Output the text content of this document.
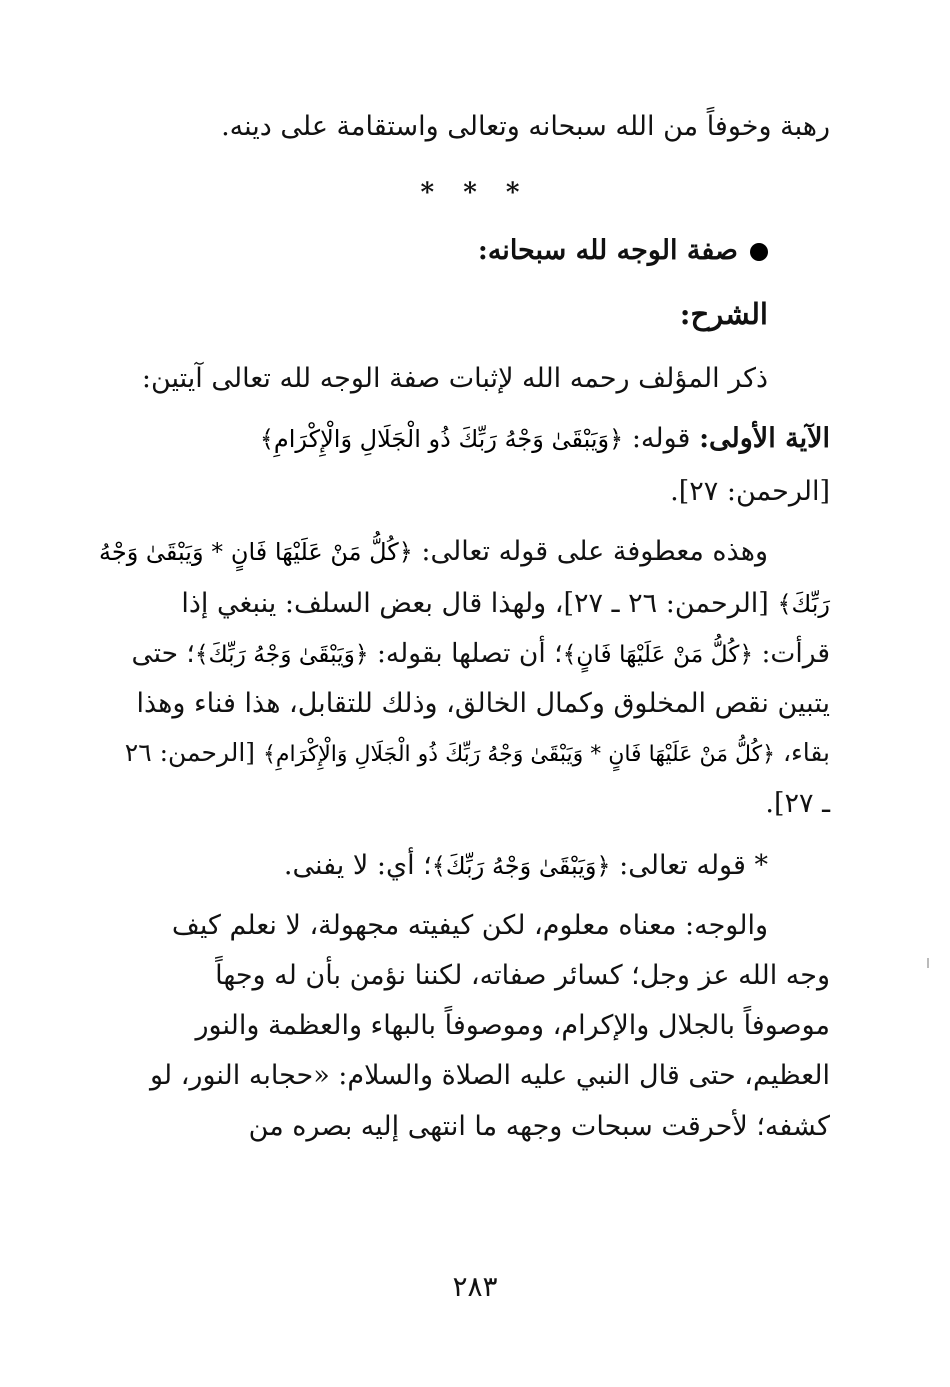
رهبة وخوفاً من الله سبحانه وتعالى واستقامة على دينه.
* * *
صفة الوجه لله سبحانه:
الشرح:
ذكر المؤلف رحمه الله لإثبات صفة الوجه لله تعالى آيتين:
الآية الأولى: قوله: ﴿وَيَبْقَىٰ وَجْهُ رَبِّكَ ذُو الْجَلَالِ وَالْإِكْرَامِ﴾
[الرحمن: ٢٧].
وهذه معطوفة على قوله تعالى: ﴿كُلُّ مَنْ عَلَيْهَا فَانٍ * وَيَبْقَىٰ وَجْهُ
رَبِّكَ﴾ [الرحمن: ٢٦ ـ ٢٧]، ولهذا قال بعض السلف: ينبغي إذا
قرأت: ﴿كُلُّ مَنْ عَلَيْهَا فَانٍ﴾؛ أن تصلها بقوله: ﴿وَيَبْقَىٰ وَجْهُ رَبِّكَ﴾؛ حتى
يتبين نقص المخلوق وكمال الخالق، وذلك للتقابل، هذا فناء وهذا
بقاء، ﴿كُلُّ مَنْ عَلَيْهَا فَانٍ * وَيَبْقَىٰ وَجْهُ رَبِّكَ ذُو الْجَلَالِ وَالْإِكْرَامِ﴾ [الرحمن: ٢٦
ـ ٢٧].
* قوله تعالى: ﴿وَيَبْقَىٰ وَجْهُ رَبِّكَ﴾؛ أي: لا يفنى.
والوجه: معناه معلوم، لكن كيفيته مجهولة، لا نعلم كيف
وجه الله عز وجل؛ كسائر صفاته، لكننا نؤمن بأن له وجهاً
موصوفاً بالجلال والإكرام، وموصوفاً بالبهاء والعظمة والنور
العظيم، حتى قال النبي عليه الصلاة والسلام: «حجابه النور، لو
كشفه؛ لأحرقت سبحات وجهه ما انتهى إليه بصره من
٢٨٣
